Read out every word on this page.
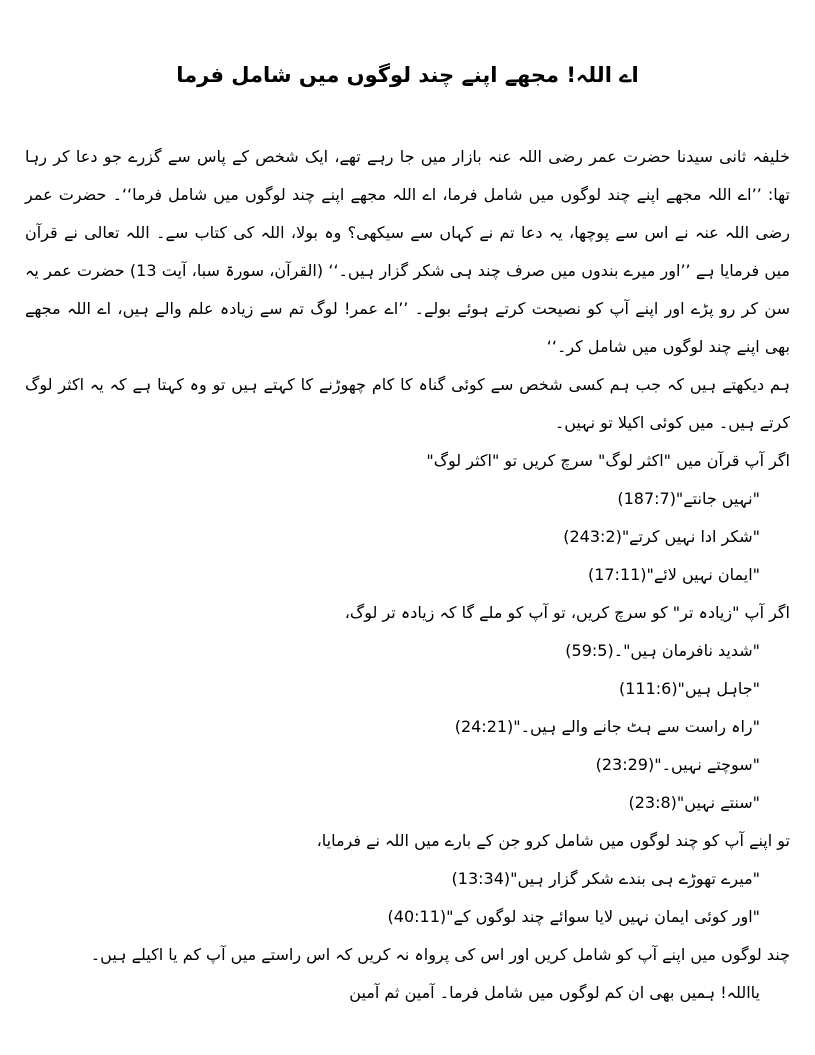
اے اللہ! مجھے اپنے چند لوگوں میں شامل فرما
خلیفہ ثانی سیدنا حضرت عمر رضی اللہ عنہ بازار میں جا رہے تھے، ایک شخص کے پاس سے گزرے جو دعا کر رہا تھا: ’’اے اللہ مجھے اپنے چند لوگوں میں شامل فرما، اے اللہ مجھے اپنے چند لوگوں میں شامل فرما‘‘۔ حضرت عمر رضی اللہ عنہ نے اس سے پوچھا، یہ دعا تم نے کہاں سے سیکھی؟ وہ بولا، اللہ کی کتاب سے۔ اللہ تعالی نے قرآن میں فرمایا ہے ’’اور میرے بندوں میں صرف چند ہی شکر گزار ہیں۔‘‘ (القرآن، سورۃ سبا، آیت 13) حضرت عمر یہ سن کر رو پڑے اور اپنے آپ کو نصیحت کرتے ہوئے بولے۔ ’’اے عمر! لوگ تم سے زیادہ علم والے ہیں، اے اللہ مجھے بھی اپنے چند لوگوں میں شامل کر۔‘‘
ہم دیکھتے ہیں کہ جب ہم کسی شخص سے کوئی گناہ کا کام چھوڑنے کا کہتے ہیں تو وہ کہتا ہے کہ یہ اکثر لوگ کرتے ہیں۔ میں کوئی اکیلا تو نہیں۔
اگر آپ قرآن میں "اکثر لوگ" سرچ کریں تو "اکثر لوگ"
"نہیں جانتے"(187:7)
"شکر ادا نہیں کرتے"(243:2)
"ایمان نہیں لائے"(17:11)
اگر آپ "زیادہ تر" کو سرچ کریں، تو آپ کو ملے گا کہ زیادہ تر لوگ،
"شدید نافرمان ہیں"۔(59:5)
"جاہل ہیں"(111:6)
"راہ راست سے ہٹ جانے والے ہیں۔"(24:21)
"سوچتے نہیں۔"(23:29)
"سنتے نہیں"(23:8)
تو اپنے آپ کو چند لوگوں میں شامل کرو جن کے بارے میں اللہ نے فرمایا،
"میرے تھوڑے ہی بندے شکر گزار ہیں"(13:34)
"اور کوئی ایمان نہیں لایا سوائے چند لوگوں کے"(40:11)
چند لوگوں میں اپنے آپ کو شامل کریں اور اس کی پرواہ نہ کریں کہ اس راستے میں آپ کم یا اکیلے ہیں۔
یااللہ! ہمیں بھی ان کم لوگوں میں شامل فرما۔ آمین ثم آمین
